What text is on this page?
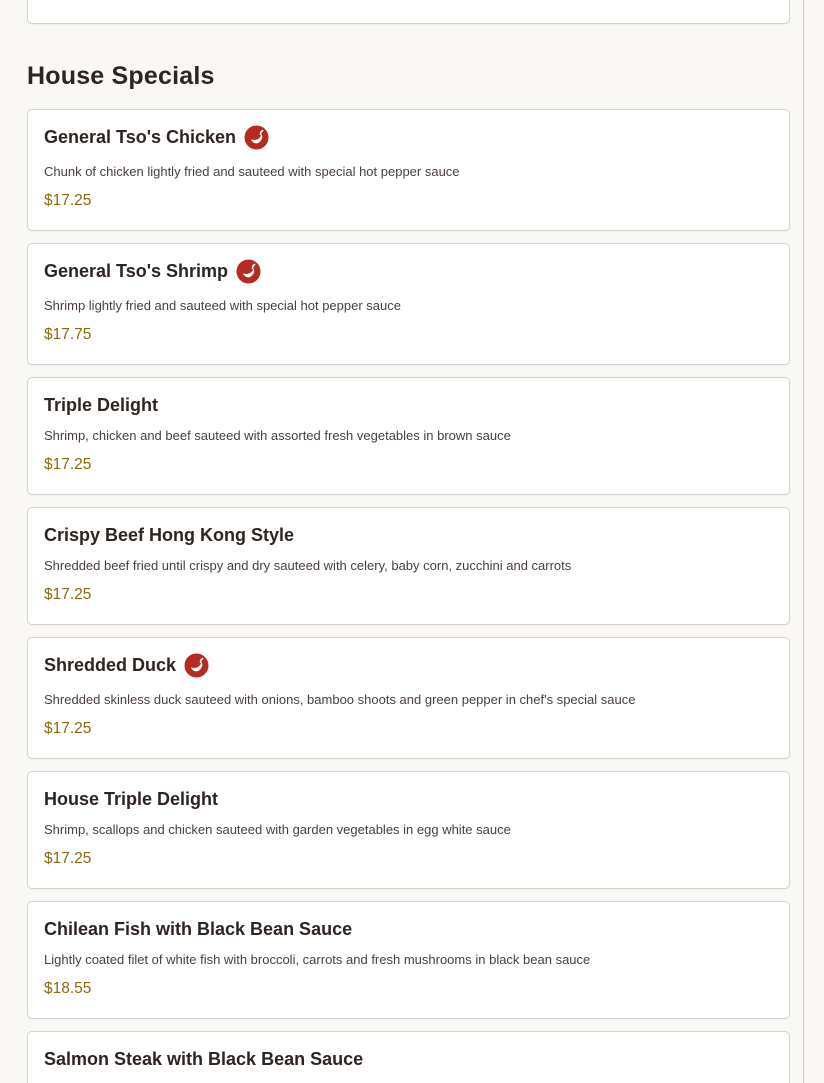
House Specials
General Tso's Chicken
Chunk of chicken lightly fried and sauteed with special hot pepper sauce
$17.25
General Tso's Shrimp
Shrimp lightly fried and sauteed with special hot pepper sauce
$17.75
Triple Delight
Shrimp, chicken and beef sauteed with assorted fresh vegetables in brown sauce
$17.25
Crispy Beef Hong Kong Style
Shredded beef fried until crispy and dry sauteed with celery, baby corn, zucchini and carrots
$17.25
Shredded Duck
Shredded skinless duck sauteed with onions, bamboo shoots and green pepper in chef's special sauce
$17.25
House Triple Delight
Shrimp, scallops and chicken sauteed with garden vegetables in egg white sauce
$17.25
Chilean Fish with Black Bean Sauce
Lightly coated filet of white fish with broccoli, carrots and fresh mushrooms in black bean sauce
$18.55
Salmon Steak with Black Bean Sauce
